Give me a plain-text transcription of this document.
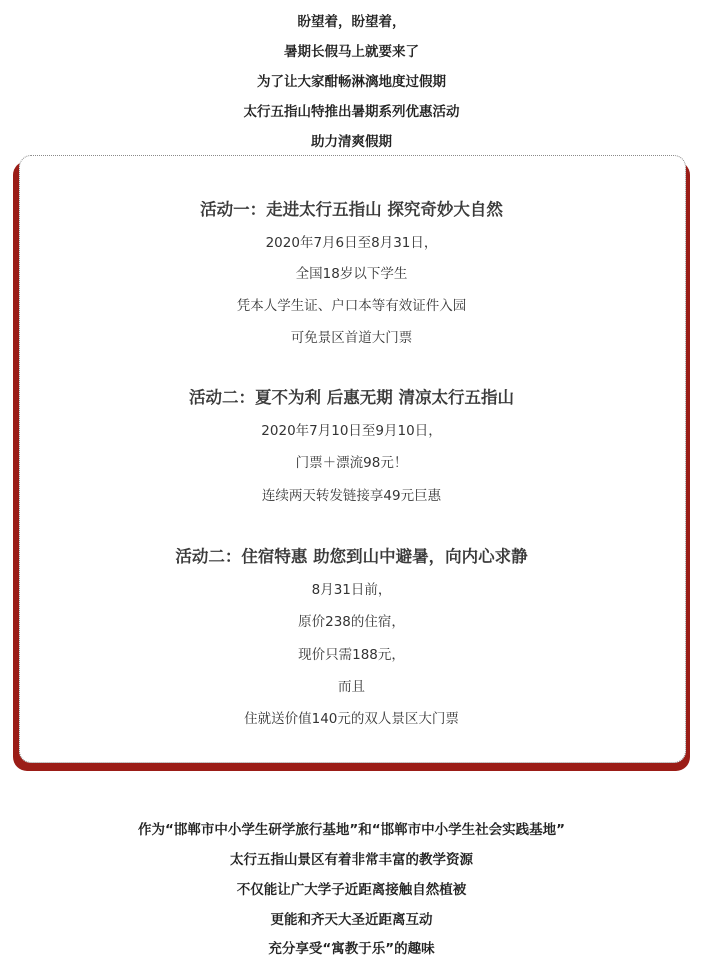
盼望着，盼望着，
暑期长假马上就要来了
为了让大家酣畅淋漓地度过假期
太行五指山特推出暑期系列优惠活动
助力清爽假期
活动一：走进太行五指山 探究奇妙大自然
2020年7月6日至8月31日，
全国18岁以下学生
凭本人学生证、户口本等有效证件入园
可免景区首道大门票
活动二：夏不为利 后惠无期 清凉太行五指山
2020年7月10日至9月10日，
门票＋漂流98元！
连续两天转发链接享49元巨惠
活动二：住宿特惠 助您到山中避暑，向内心求静
8月31日前，
原价238的住宿，
现价只需188元，
而且
住就送价值140元的双人景区大门票
作为“邯郸市中小学生研学旅行基地”和“邯郸市中小学生社会实践基地”
太行五指山景区有着非常丰富的教学资源
不仅能让广大学子近距离接触自然植被
更能和齐天大圣近距离互动
充分享受“寓教于乐”的趣味
